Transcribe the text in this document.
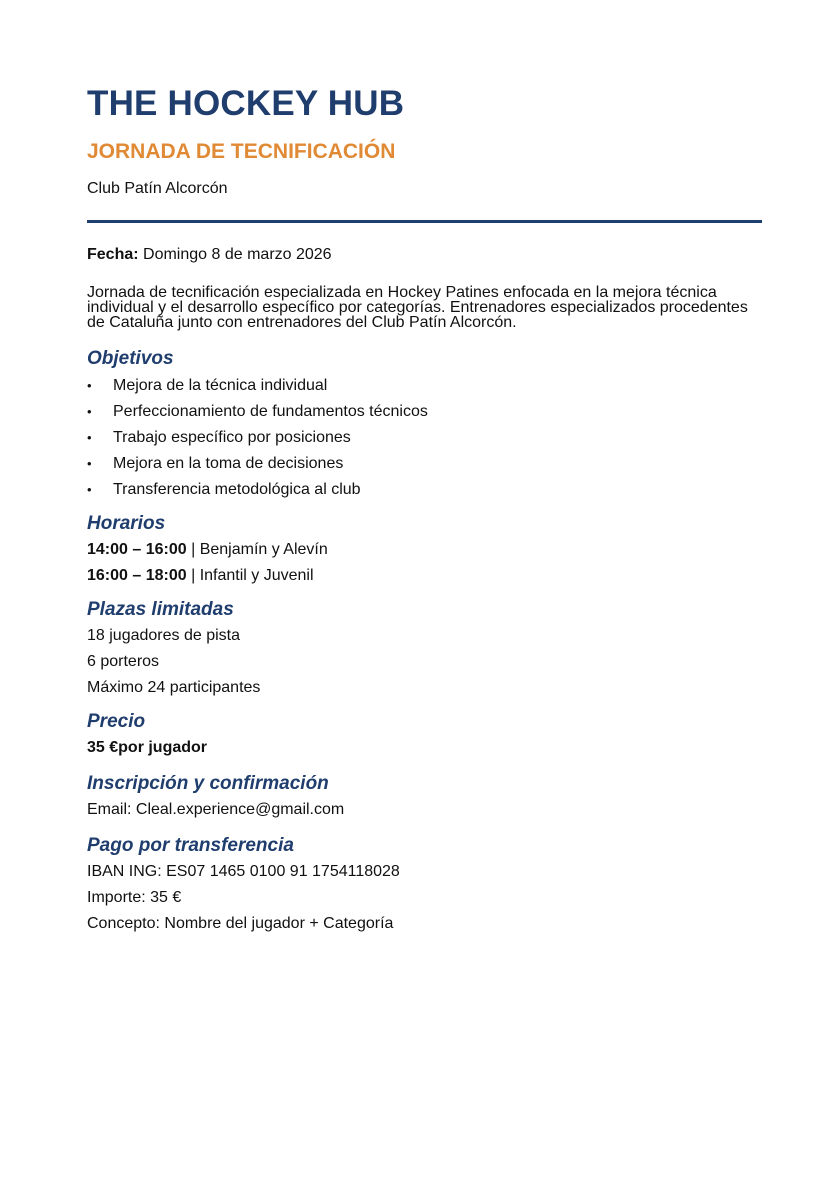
THE HOCKEY HUB
JORNADA DE TECNIFICACIÓN
Club Patín Alcorcón

Fecha: Domingo 8 de marzo 2026

Jornada de tecnificación especializada en Hockey Patines enfocada en la mejora técnica individual y el desarrollo específico por categorías. Entrenadores especializados procedentes de Cataluña junto con entrenadores del Club Patín Alcorcón.

Objetivos
• Mejora de la técnica individual
• Perfeccionamiento de fundamentos técnicos
• Trabajo específico por posiciones
• Mejora en la toma de decisiones
• Transferencia metodológica al club
Horarios
14:00 – 16:00 | Benjamín y Alevín
16:00 – 18:00 | Infantil y Juvenil
Plazas limitadas
18 jugadores de pista
6 porteros
Máximo 24 participantes
Precio
35 €por jugador
Inscripción y confirmación
Email: Cleal.experience@gmail.com
Pago por transferencia
IBAN ING: ES07 1465 0100 91 1754118028
Importe: 35 €
Concepto: Nombre del jugador + Categoría
